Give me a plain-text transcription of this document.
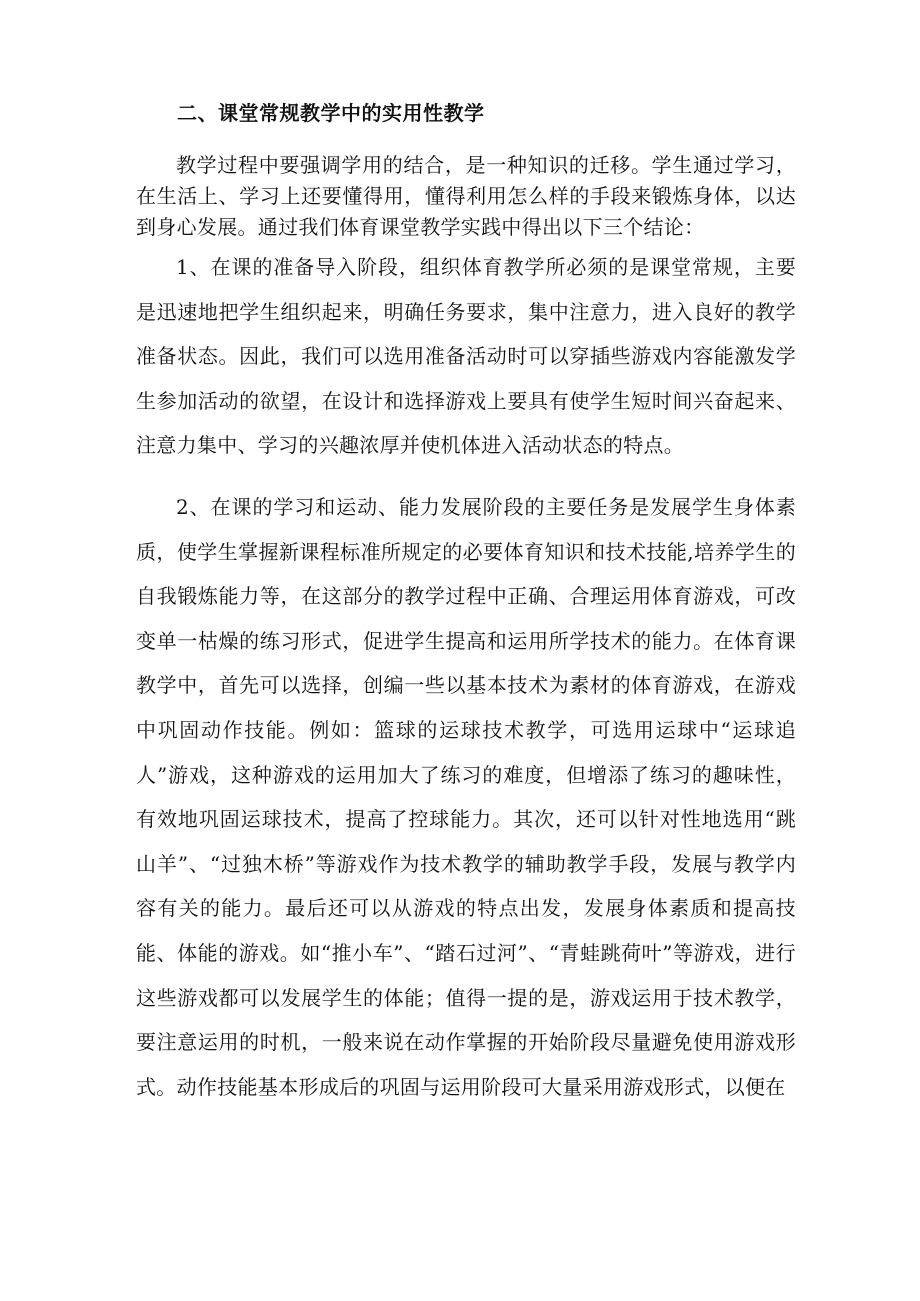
二、课堂常规教学中的实用性教学

教学过程中要强调学用的结合，是一种知识的迁移。学生通过学习，在生活上、学习上还要懂得用，懂得利用怎么样的手段来锻炼身体，以达到身心发展。通过我们体育课堂教学实践中得出以下三个结论：

1、在课的准备导入阶段，组织体育教学所必须的是课堂常规，主要是迅速地把学生组织起来，明确任务要求，集中注意力，进入良好的教学准备状态。因此，我们可以选用准备活动时可以穿插些游戏内容能激发学生参加活动的欲望，在设计和选择游戏上要具有使学生短时间兴奋起来、注意力集中、学习的兴趣浓厚并使机体进入活动状态的特点。

2、在课的学习和运动、能力发展阶段的主要任务是发展学生身体素质，使学生掌握新课程标准所规定的必要体育知识和技术技能,培养学生的自我锻炼能力等，在这部分的教学过程中正确、合理运用体育游戏，可改变单一枯燥的练习形式，促进学生提高和运用所学技术的能力。在体育课教学中，首先可以选择，创编一些以基本技术为素材的体育游戏，在游戏中巩固动作技能。例如：篮球的运球技术教学，可选用运球中“运球追人”游戏，这种游戏的运用加大了练习的难度，但增添了练习的趣味性，有效地巩固运球技术，提高了控球能力。其次，还可以针对性地选用“跳山羊”、“过独木桥”等游戏作为技术教学的辅助教学手段，发展与教学内容有关的能力。最后还可以从游戏的特点出发，发展身体素质和提高技能、体能的游戏。如“推小车”、“踏石过河”、“青蛙跳荷叶”等游戏，进行这些游戏都可以发展学生的体能；值得一提的是，游戏运用于技术教学，要注意运用的时机，一般来说在动作掌握的开始阶段尽量避免使用游戏形式。动作技能基本形成后的巩固与运用阶段可大量采用游戏形式，以便在
